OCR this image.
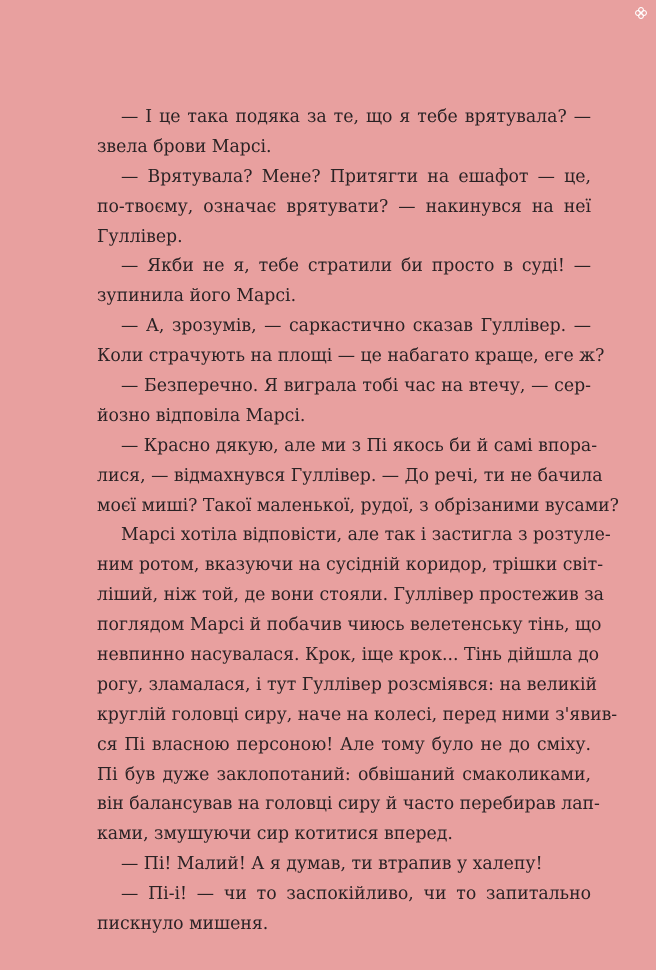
— І це така подяка за те, що я тебе врятувала? —
звела брови Марсі.
— Врятувала? Мене? Притягти на ешафот — це,
по-твоєму, означає врятувати? — накинувся на неї
Гуллівер.
— Якби не я, тебе стратили би просто в суді! —
зупинила його Марсі.
— А, зрозумів, — саркастично сказав Гуллівер. —
Коли страчують на площі — це набагато краще, еге ж?
— Безперечно. Я виграла тобі час на втечу, — сер-
йозно відповіла Марсі.
— Красно дякую, але ми з Пі якось би й самі впора-
лися, — відмахнувся Гуллівер. — До речі, ти не бачила
моєї миші? Такої маленької, рудої, з обрізаними вусами?
Марсі хотіла відповісти, але так і застигла з розтуле-
ним ротом, вказуючи на сусідній коридор, трішки світ-
ліший, ніж той, де вони стояли. Гуллівер простежив за
поглядом Марсі й побачив чиюсь велетенську тінь, що
невпинно насувалася. Крок, іще крок... Тінь дійшла до
рогу, зламалася, і тут Гуллівер розсміявся: на великій
круглій головці сиру, наче на колесі, перед ними з'явив-
ся Пі власною персоною! Але тому було не до сміху.
Пі був дуже заклопотаний: обвішаний смаколиками,
він балансував на головці сиру й часто перебирав лап-
ками, змушуючи сир котитися вперед.
— Пі! Малий! А я думав, ти втрапив у халепу!
— Пі-і! — чи то заспокійливо, чи то запитально
пискнуло мишеня.
